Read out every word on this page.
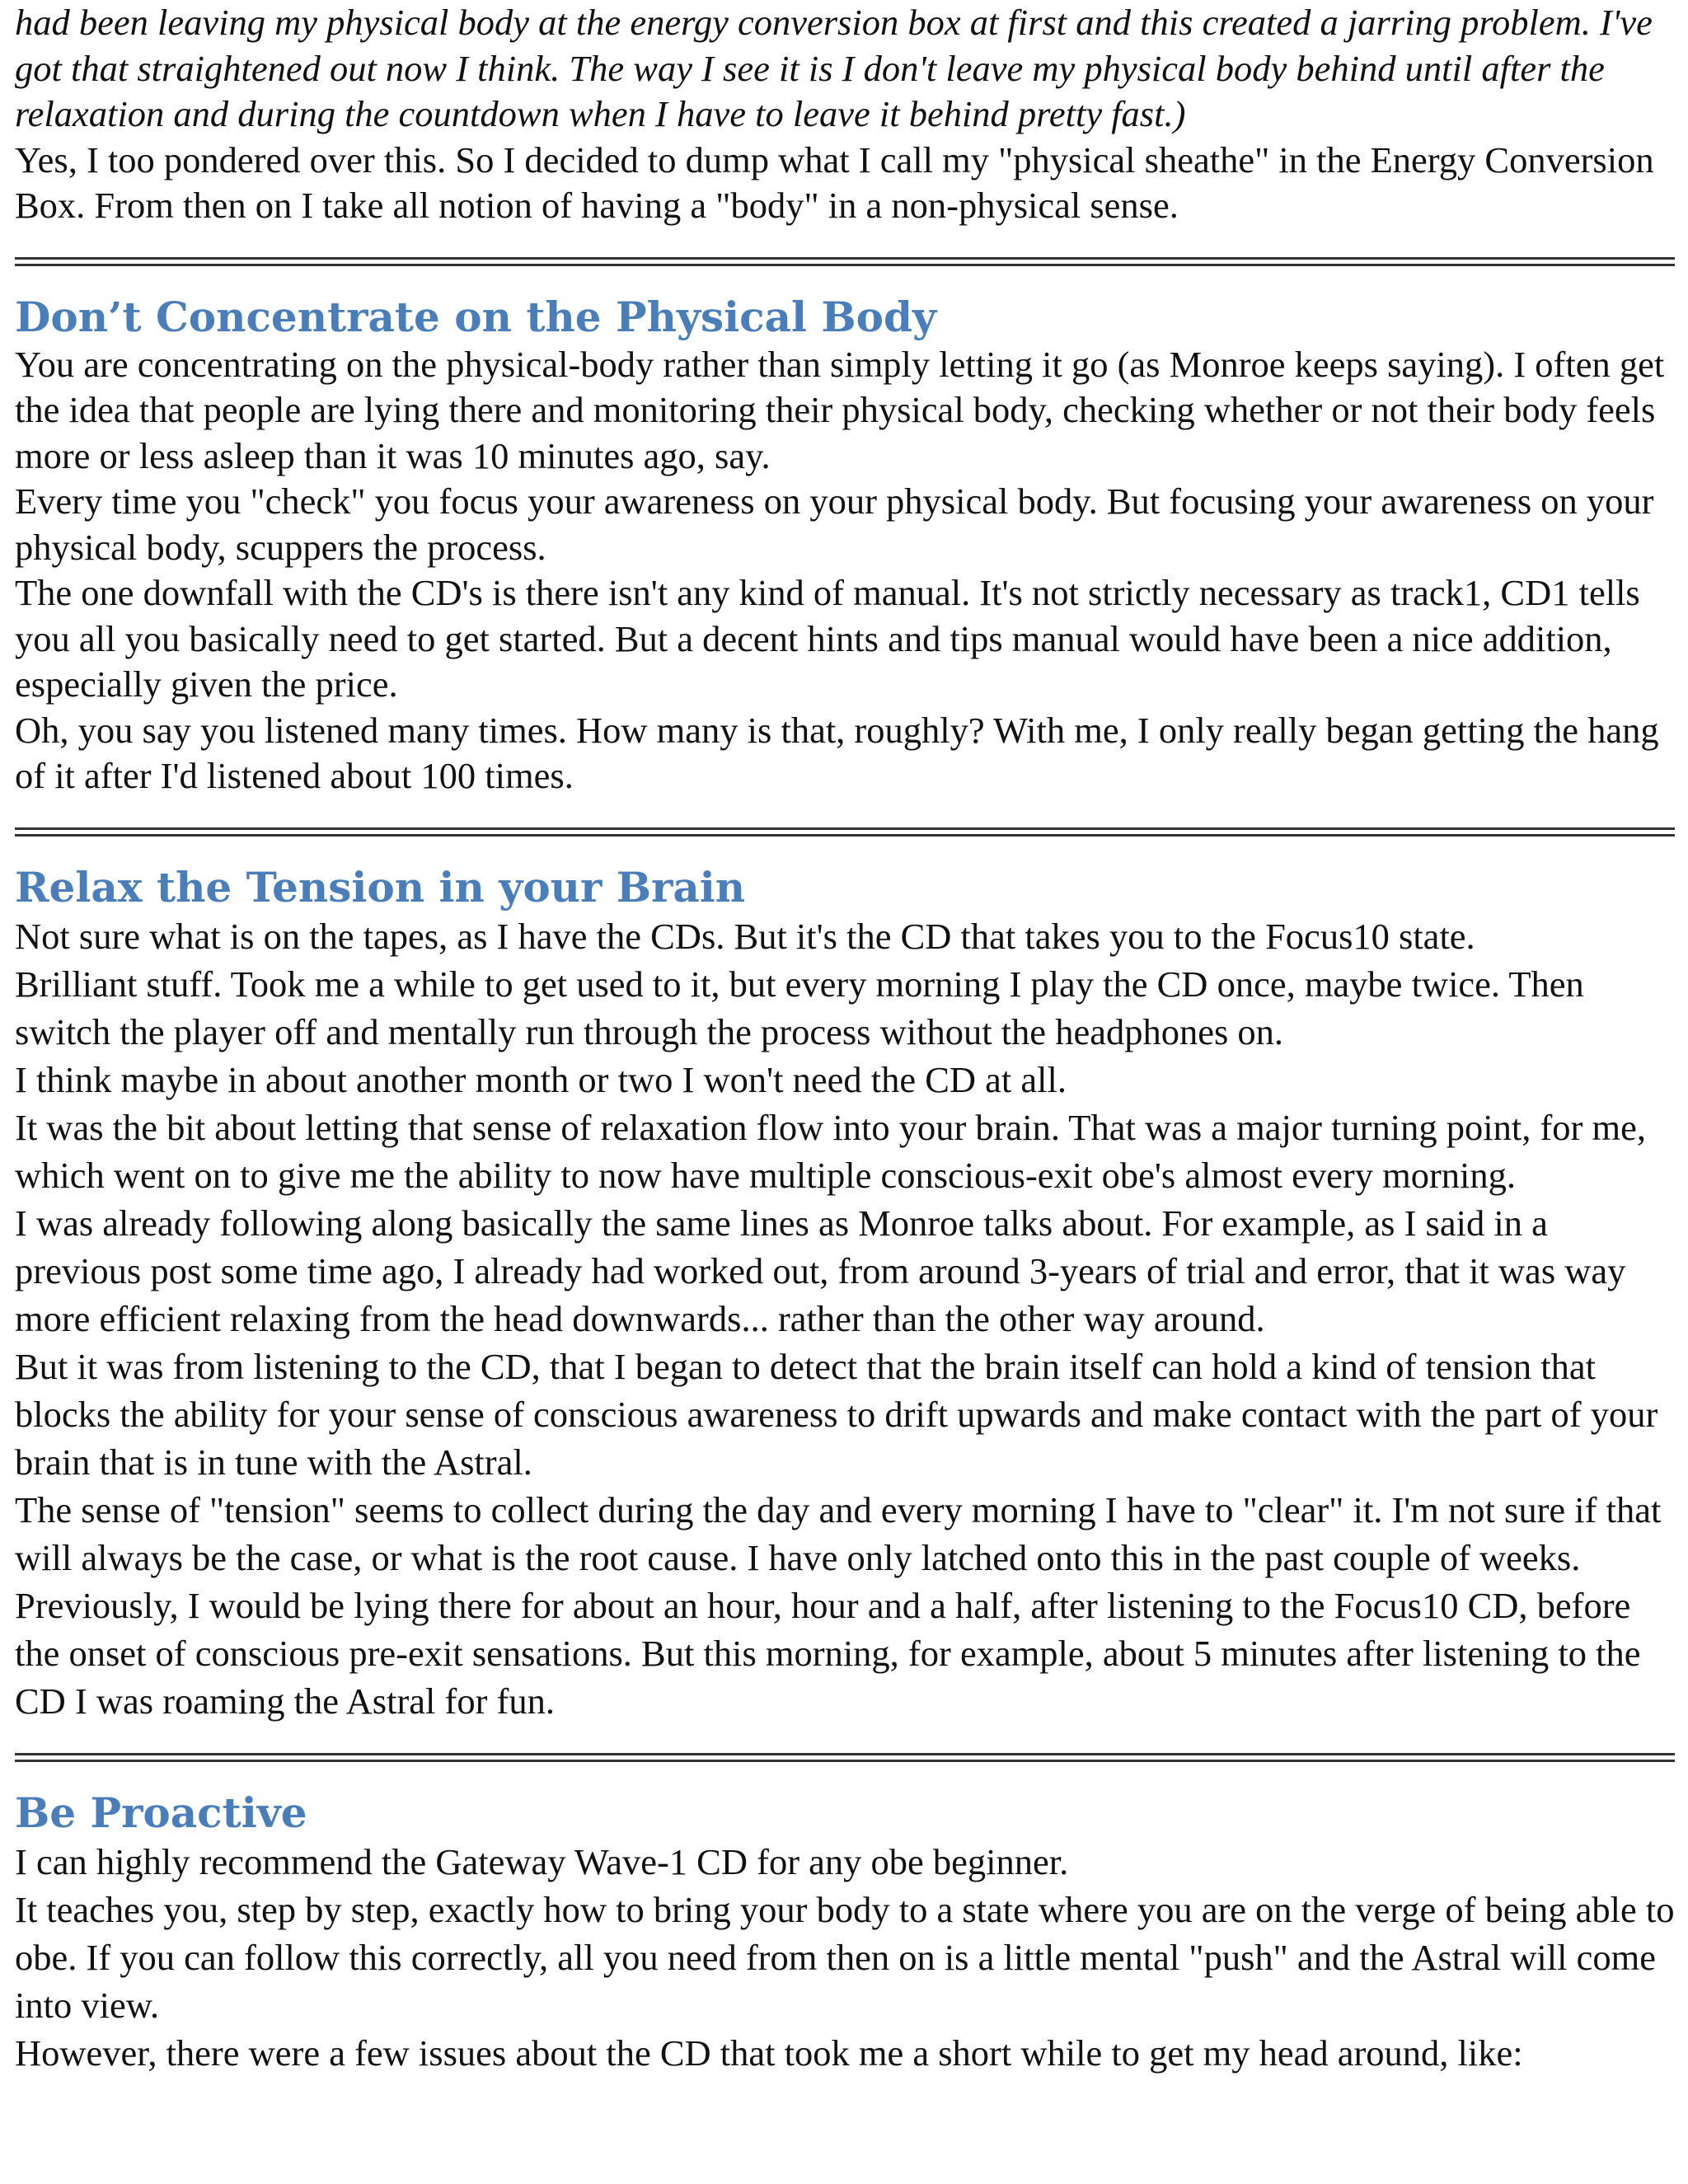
had been leaving my physical body at the energy conversion box at first and this created a jarring problem. I've got that straightened out now I think. The way I see it is I don't leave my physical body behind until after the relaxation and during the countdown when I have to leave it behind pretty fast.)

Yes, I too pondered over this. So I decided to dump what I call my "physical sheathe" in the Energy Conversion Box. From then on I take all notion of having a "body" in a non-physical sense.

Don’t Concentrate on the Physical Body

You are concentrating on the physical-body rather than simply letting it go (as Monroe keeps saying). I often get the idea that people are lying there and monitoring their physical body, checking whether or not their body feels more or less asleep than it was 10 minutes ago, say.

Every time you "check" you focus your awareness on your physical body. But focusing your awareness on your physical body, scuppers the process.

The one downfall with the CD's is there isn't any kind of manual. It's not strictly necessary as track1, CD1 tells you all you basically need to get started. But a decent hints and tips manual would have been a nice addition, especially given the price.

Oh, you say you listened many times. How many is that, roughly? With me, I only really began getting the hang of it after I'd listened about 100 times.

Relax the Tension in your Brain

Not sure what is on the tapes, as I have the CDs. But it's the CD that takes you to the Focus10 state.

Brilliant stuff. Took me a while to get used to it, but every morning I play the CD once, maybe twice. Then switch the player off and mentally run through the process without the headphones on.

I think maybe in about another month or two I won't need the CD at all.

It was the bit about letting that sense of relaxation flow into your brain. That was a major turning point, for me, which went on to give me the ability to now have multiple conscious-exit obe's almost every morning.

I was already following along basically the same lines as Monroe talks about. For example, as I said in a previous post some time ago, I already had worked out, from around 3-years of trial and error, that it was way more efficient relaxing from the head downwards... rather than the other way around.

But it was from listening to the CD, that I began to detect that the brain itself can hold a kind of tension that blocks the ability for your sense of conscious awareness to drift upwards and make contact with the part of your brain that is in tune with the Astral.

The sense of "tension" seems to collect during the day and every morning I have to "clear" it. I'm not sure if that will always be the case, or what is the root cause. I have only latched onto this in the past couple of weeks.

Previously, I would be lying there for about an hour, hour and a half, after listening to the Focus10 CD, before the onset of conscious pre-exit sensations. But this morning, for example, about 5 minutes after listening to the CD I was roaming the Astral for fun.

Be Proactive

I can highly recommend the Gateway Wave-1 CD for any obe beginner.

It teaches you, step by step, exactly how to bring your body to a state where you are on the verge of being able to obe. If you can follow this correctly, all you need from then on is a little mental "push" and the Astral will come into view.

However, there were a few issues about the CD that took me a short while to get my head around, like:
